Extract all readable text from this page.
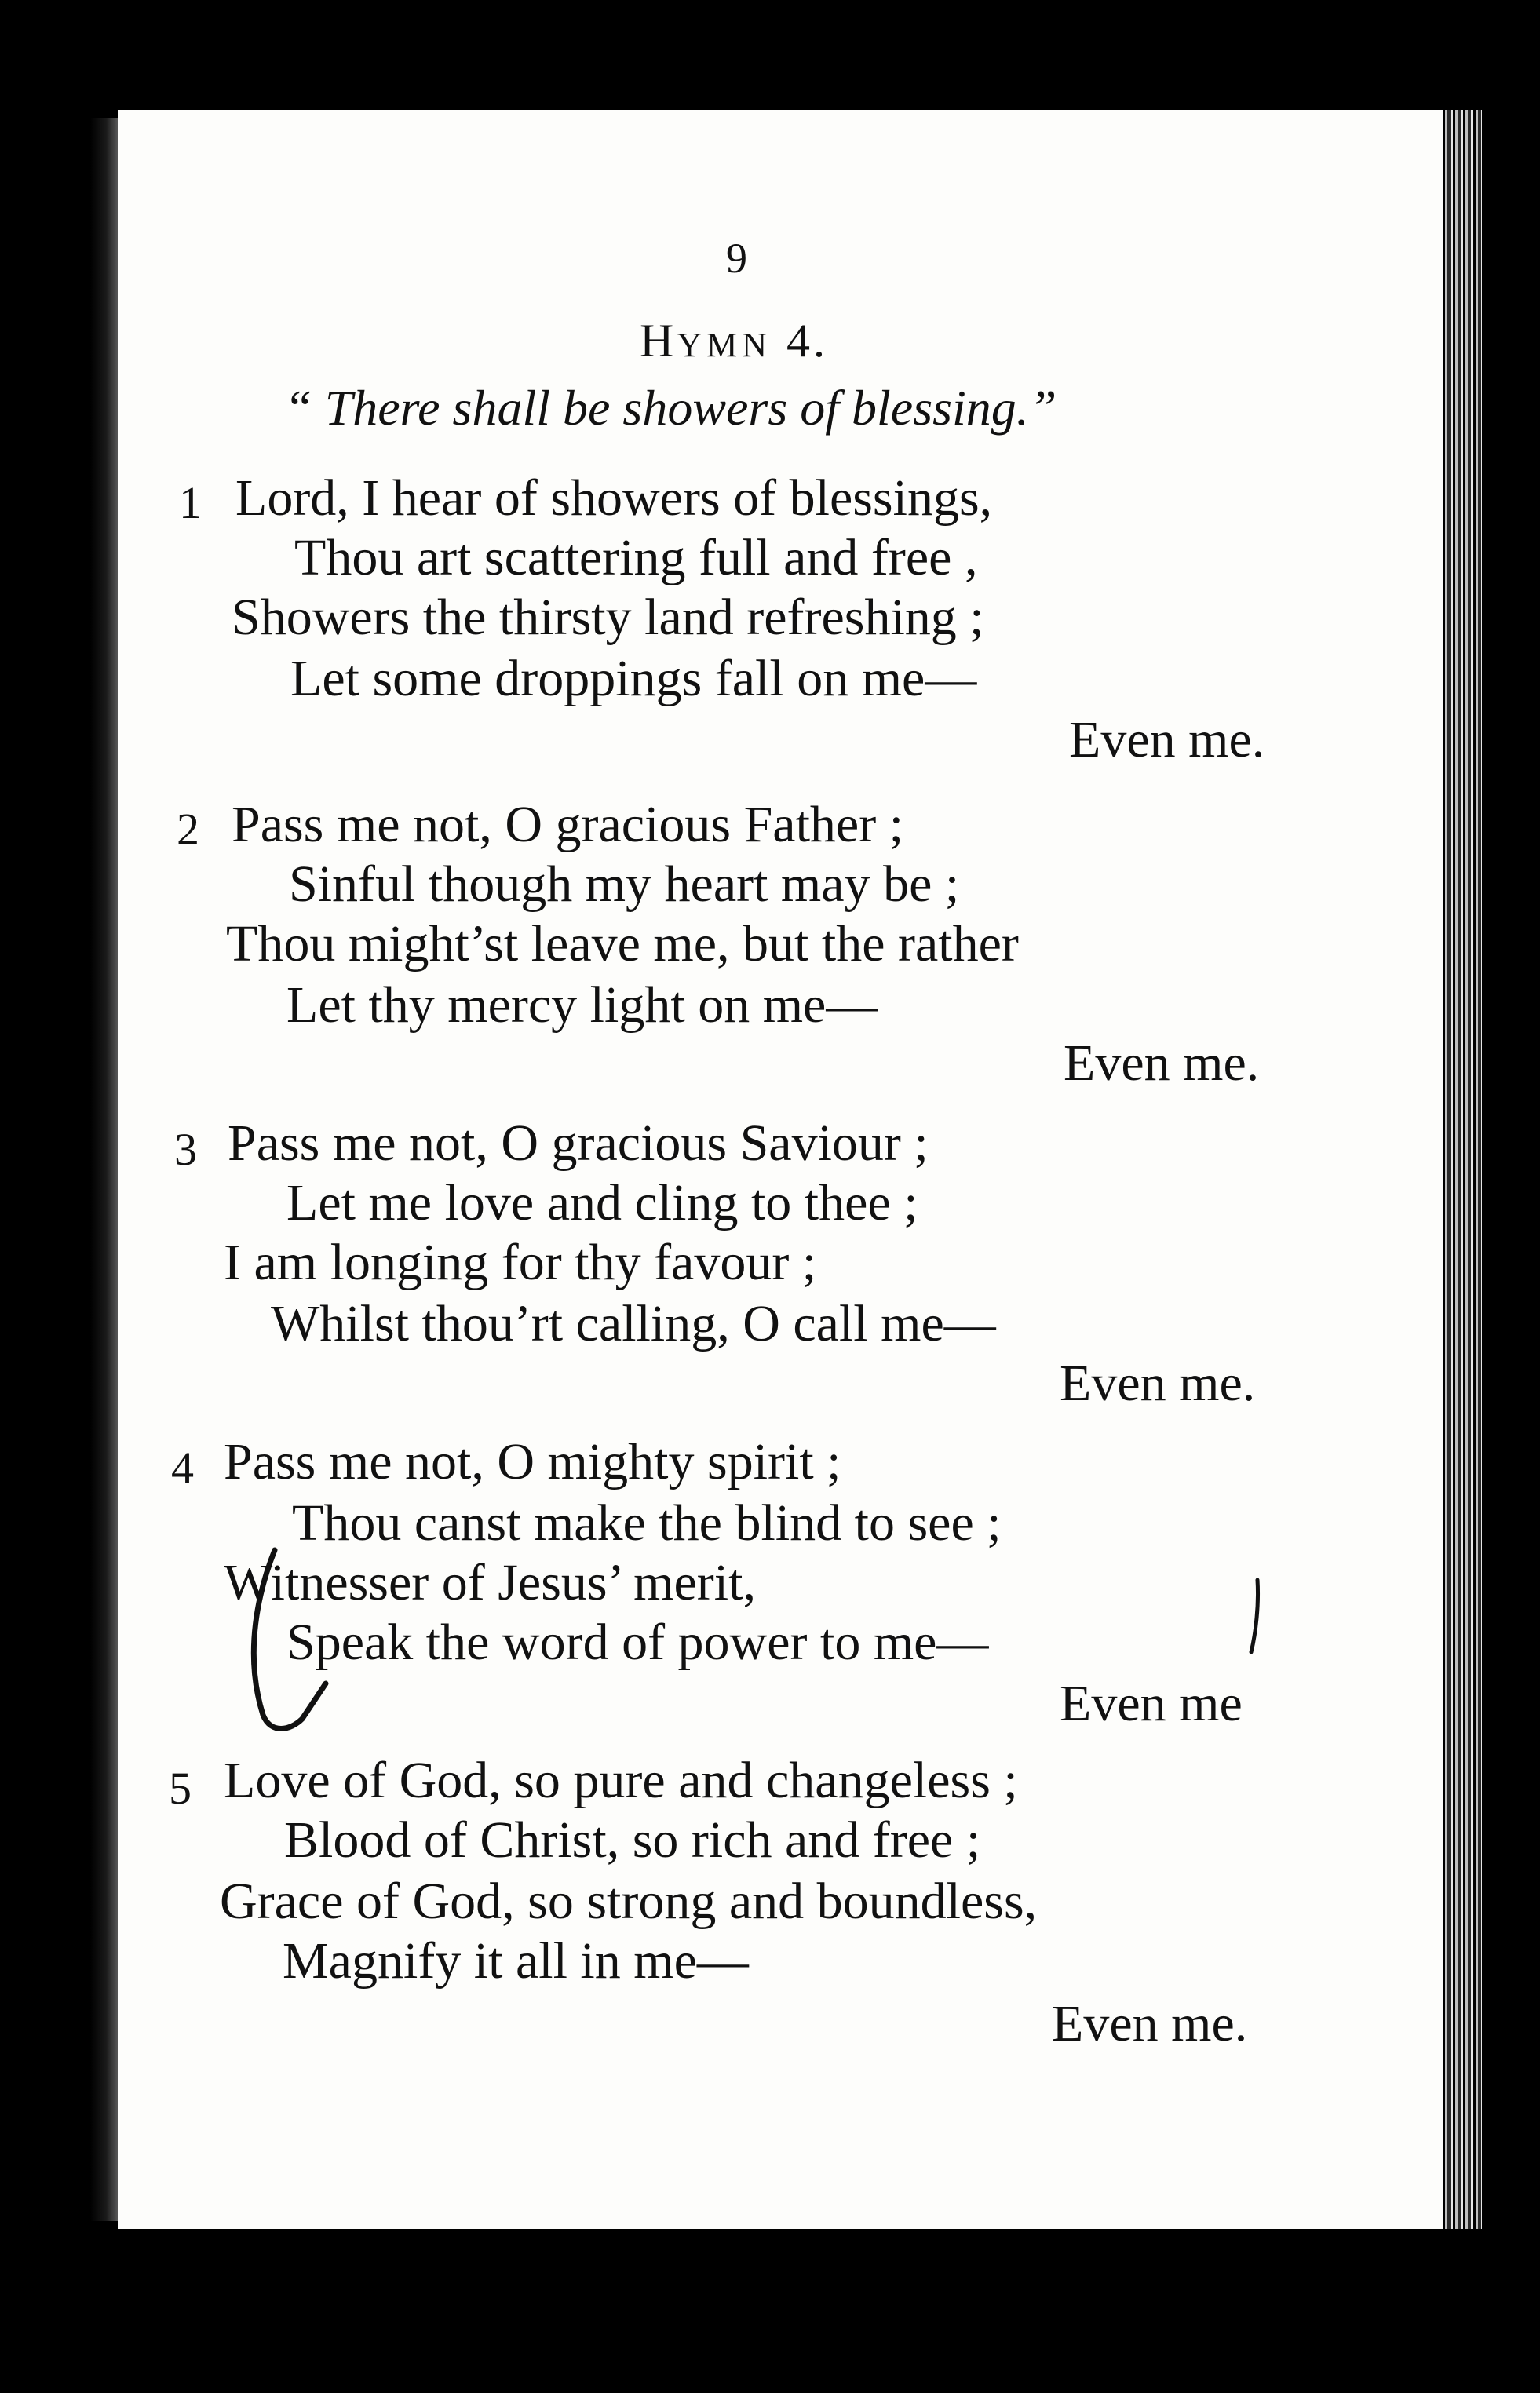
9
HYMN 4.
“ There shall be showers of blessing.”
1 Lord, I hear of showers of blessings,
Thou art scattering full and free ,
Showers the thirsty land refreshing ;
Let some droppings fall on me—
Even me.
2 Pass me not, O gracious Father ;
Sinful though my heart may be ;
Thou might’st leave me, but the rather
Let thy mercy light on me—
Even me.
3 Pass me not, O gracious Saviour ;
Let me love and cling to thee ;
I am longing for thy favour ;
Whilst thou’rt calling, O call me—
Even me.
4 Pass me not, O mighty spirit ;
Thou canst make the blind to see ;
Witnesser of Jesus’ merit,
Speak the word of power to me—
Even me
5 Love of God, so pure and changeless ;
Blood of Christ, so rich and free ;
Grace of God, so strong and boundless,
Magnify it all in me—
Even me.
